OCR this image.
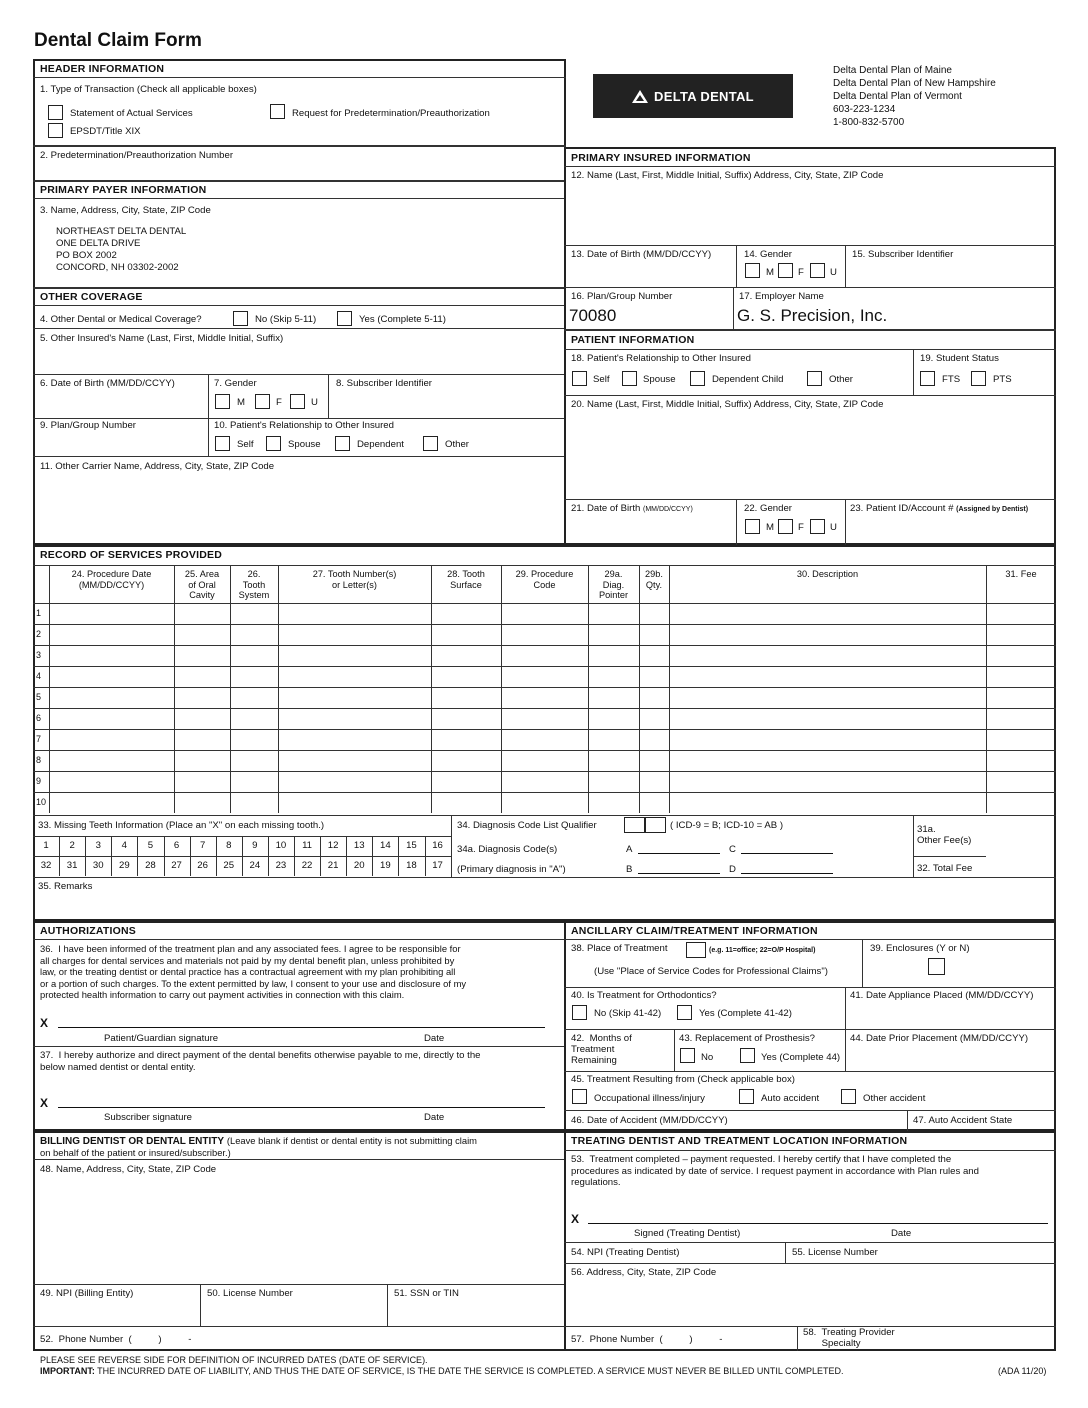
Dental Claim Form
DELTA DENTAL
Delta Dental Plan of Maine
Delta Dental Plan of New Hampshire
Delta Dental Plan of Vermont
603-223-1234
1-800-832-5700
HEADER INFORMATION
1. Type of Transaction (Check all applicable boxes)
Statement of Actual Services	Request for Predetermination/Preauthorization
EPSDT/Title XIX
2. Predetermination/Preauthorization Number
PRIMARY PAYER INFORMATION
3. Name, Address, City, State, ZIP Code
NORTHEAST DELTA DENTAL
ONE DELTA DRIVE
PO BOX 2002
CONCORD, NH 03302-2002
OTHER COVERAGE
4. Other Dental or Medical Coverage?	No (Skip 5-11)	Yes (Complete 5-11)
5. Other Insured's Name (Last, First, Middle Initial, Suffix)
6. Date of Birth (MM/DD/CCYY)	7. Gender
M	F	U
8. Subscriber Identifier
9. Plan/Group Number	10. Patient's Relationship to Other Insured
Self	Spouse	Dependent	Other
11. Other Carrier Name, Address, City, State, ZIP Code
PRIMARY INSURED INFORMATION
12. Name (Last, First, Middle Initial, Suffix) Address, City, State, ZIP Code
13. Date of Birth (MM/DD/CCYY)	14. Gender
M	F	U
15. Subscriber Identifier
16. Plan/Group Number
70080
17. Employer Name
G. S. Precision, Inc.
PATIENT INFORMATION
18. Patient's Relationship to Other Insured
Self	Spouse	Dependent Child	Other
19. Student Status
FTS	PTS
20. Name (Last, First, Middle Initial, Suffix) Address, City, State, ZIP Code
21. Date of Birth (MM/DD/CCYY)	22. Gender
M	F	U
23. Patient ID/Account # (Assigned by Dentist)
RECORD OF SERVICES PROVIDED
24. Procedure Date
(MM/DD/CCYY)
25. Area
of Oral
Cavity
26.
Tooth
System
27. Tooth Number(s)
or Letter(s)
28. Tooth
Surface
29. Procedure
Code
29a.
Diag.
Pointer
29b.
Qty.
30. Description	31. Fee
1
2
3
4
5
6
7
8
9
10
33. Missing Teeth Information (Place an "X" on each missing tooth.)	34. Diagnosis Code List Qualifier	( ICD-9 = B; ICD-10 = AB )
1	2	3	4	5	6	7	8	9	10	11	12	13	14	15	16
32	31	30	29	28	27	26	25	24	23	22	21	20	19	18	17
34a. Diagnosis Code(s)
(Primary diagnosis in "A")
A	C
B	D
31a.
Other Fee(s)
32. Total Fee
35. Remarks
AUTHORIZATIONS
36.  I have been informed of the treatment plan and any associated fees. I agree to be responsible for
all charges for dental services and materials not paid by my dental benefit plan, unless prohibited by
law, or the treating dentist or dental practice has a contractual agreement with my plan prohibiting all
or a portion of such charges. To the extent permitted by law, I consent to your use and disclosure of my
protected health information to carry out payment activities in connection with this claim.
X
Patient/Guardian signature	Date
37.  I hereby authorize and direct payment of the dental benefits otherwise payable to me, directly to the
below named dentist or dental entity.
X
Subscriber signature	Date
ANCILLARY CLAIM/TREATMENT INFORMATION
38. Place of Treatment	(e.g. 11=office; 22=O/P Hospital)
(Use "Place of Service Codes for Professional Claims")
39. Enclosures (Y or N)
40. Is Treatment for Orthodontics?
No (Skip 41-42)	Yes (Complete 41-42)
41. Date Appliance Placed (MM/DD/CCYY)
42.  Months of
Treatment
Remaining
43. Replacement of Prosthesis?
No	Yes (Complete 44)
44. Date Prior Placement (MM/DD/CCYY)
45. Treatment Resulting from (Check applicable box)
Occupational illness/injury	Auto accident	Other accident
46. Date of Accident (MM/DD/CCYY)	47. Auto Accident State
BILLING DENTIST OR DENTAL ENTITY (Leave blank if dentist or dental entity is not submitting claim
on behalf of the patient or insured/subscriber.)
48. Name, Address, City, State, ZIP Code
49. NPI (Billing Entity)	50. License Number	51. SSN or TIN
52.  Phone Number  (          )          -
TREATING DENTIST AND TREATMENT LOCATION INFORMATION
53.  Treatment completed – payment requested. I hereby certify that I have completed the
procedures as indicated by date of service. I request payment in accordance with Plan rules and
regulations.
X
Signed (Treating Dentist)	Date
54. NPI (Treating Dentist)	55. License Number
56. Address, City, State, ZIP Code
57.  Phone Number  (          )          -
58.  Treating Provider
Specialty
PLEASE SEE REVERSE SIDE FOR DEFINITION OF INCURRED DATES (DATE OF SERVICE).
IMPORTANT: THE INCURRED DATE OF LIABILITY, AND THUS THE DATE OF SERVICE, IS THE DATE THE SERVICE IS COMPLETED. A SERVICE MUST NEVER BE BILLED UNTIL COMPLETED.	(ADA 11/20)
